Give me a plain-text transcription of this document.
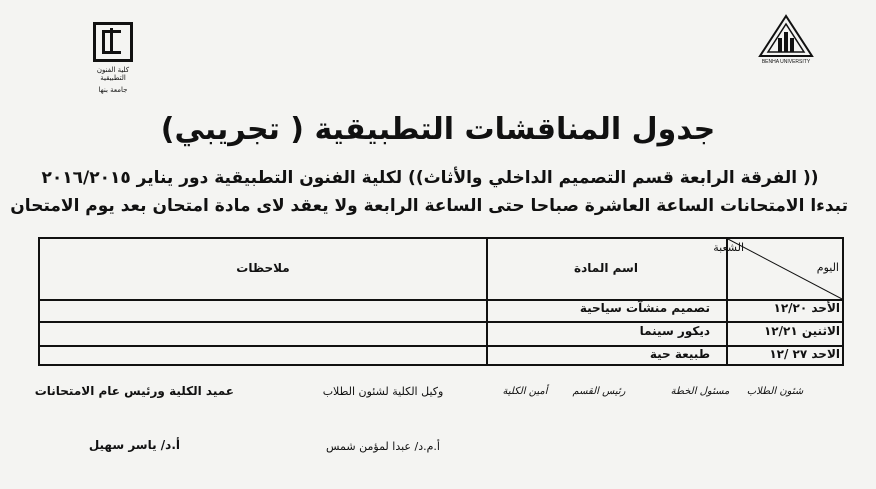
كلية الفنون التطبيقية
جامعة بنها
BENHA UNIVERSITY
جدول المناقشات التطبيقية ( تجريبي)
(( الفرقة الرابعة قسم التصميم الداخلي والأثاث)) لكلية الفنون التطبيقية دور يناير ٢٠١٦/٢٠١٥
تبدءا الامتحانات الساعة العاشرة صباحا حتى الساعة الرابعة ولا يعقد لاى مادة امتحان بعد يوم الامتحان
الشعبة
اليوم
اسم المادة
ملاحظات
الأحد ١٢/٢٠
تصميم منشآت سياحية
الاثنين ١٢/٢١
ديكور سينما
الاحد ٢٧ /١٢
طبيعة حية
شئون الطلاب
مسئول الخطة
رئيس القسم
أمين الكلية
وكيل الكلية لشئون الطلاب
عميد الكلية ورئيس عام الامتحانات
أ.م.د/ عبدا لمؤمن شمس
أ.د/ ياسر سهيل
